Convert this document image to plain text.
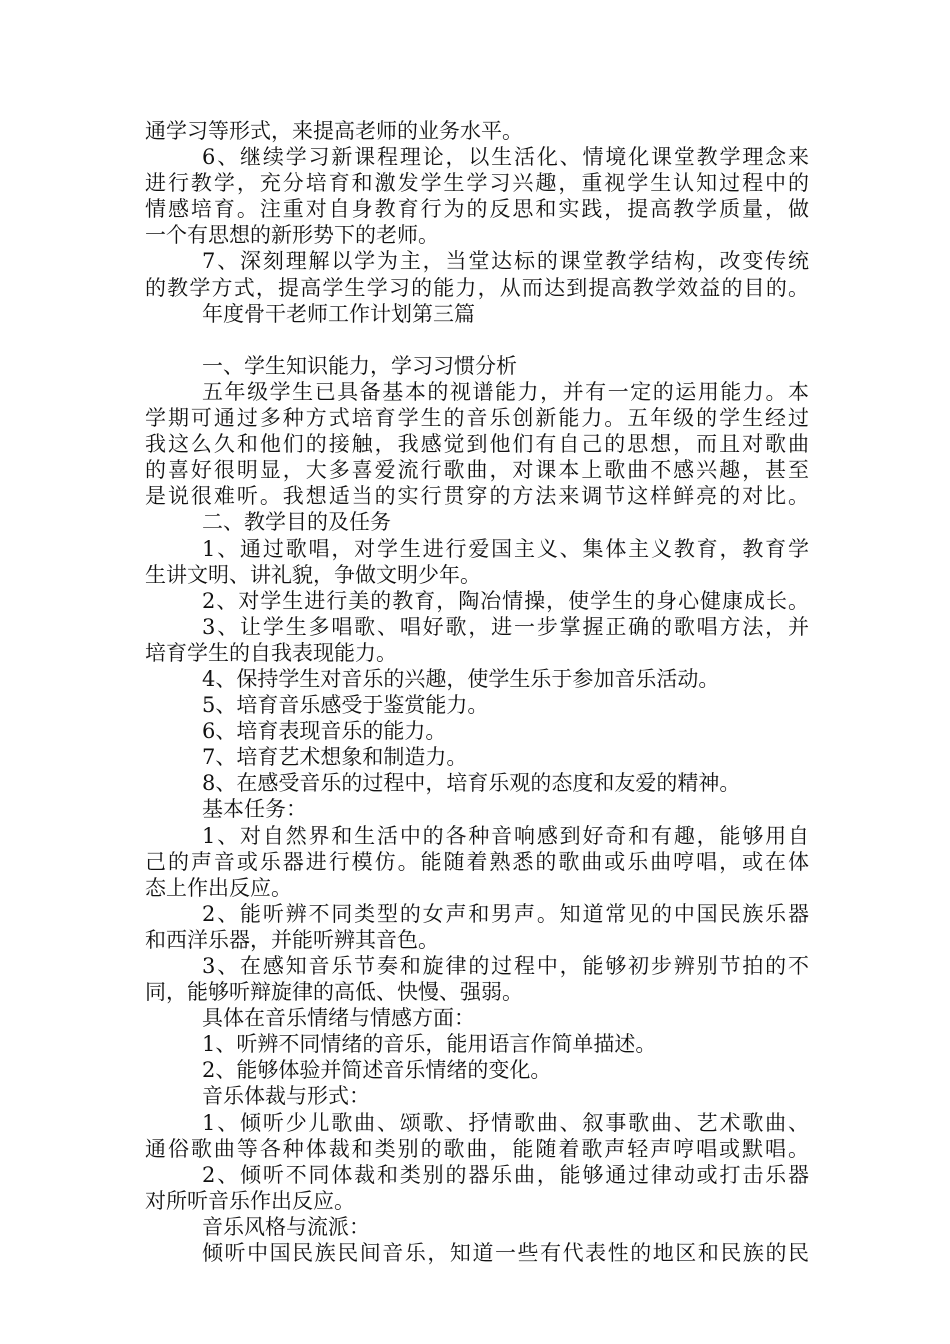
通学习等形式，来提高老师的业务水平。
6、继续学习新课程理论，以生活化、情境化课堂教学理念来
进行教学，充分培育和激发学生学习兴趣，重视学生认知过程中的
情感培育。注重对自身教育行为的反思和实践，提高教学质量，做
一个有思想的新形势下的老师。
7、深刻理解以学为主，当堂达标的课堂教学结构，改变传统
的教学方式，提高学生学习的能力，从而达到提高教学效益的目的。
年度骨干老师工作计划第三篇
一、学生知识能力，学习习惯分析
五年级学生已具备基本的视谱能力，并有一定的运用能力。本
学期可通过多种方式培育学生的音乐创新能力。五年级的学生经过
我这么久和他们的接触，我感觉到他们有自己的思想，而且对歌曲
的喜好很明显，大多喜爱流行歌曲，对课本上歌曲不感兴趣，甚至
是说很难听。我想适当的实行贯穿的方法来调节这样鲜亮的对比。
二、教学目的及任务
1、通过歌唱，对学生进行爱国主义、集体主义教育，教育学
生讲文明、讲礼貌，争做文明少年。
2、对学生进行美的教育，陶冶情操，使学生的身心健康成长。
3、让学生多唱歌、唱好歌，进一步掌握正确的歌唱方法，并
培育学生的自我表现能力。
4、保持学生对音乐的兴趣，使学生乐于参加音乐活动。
5、培育音乐感受于鉴赏能力。
6、培育表现音乐的能力。
7、培育艺术想象和制造力。
8、在感受音乐的过程中，培育乐观的态度和友爱的精神。
基本任务：
1、对自然界和生活中的各种音响感到好奇和有趣，能够用自
己的声音或乐器进行模仿。能随着熟悉的歌曲或乐曲哼唱，或在体
态上作出反应。
2、能听辨不同类型的女声和男声。知道常见的中国民族乐器
和西洋乐器，并能听辨其音色。
3、在感知音乐节奏和旋律的过程中，能够初步辨别节拍的不
同，能够听辩旋律的高低、快慢、强弱。
具体在音乐情绪与情感方面：
1、听辨不同情绪的音乐，能用语言作简单描述。
2、能够体验并简述音乐情绪的变化。
音乐体裁与形式：
1、倾听少儿歌曲、颂歌、抒情歌曲、叙事歌曲、艺术歌曲、
通俗歌曲等各种体裁和类别的歌曲，能随着歌声轻声哼唱或默唱。
2、倾听不同体裁和类别的器乐曲，能够通过律动或打击乐器
对所听音乐作出反应。
音乐风格与流派：
倾听中国民族民间音乐，知道一些有代表性的地区和民族的民
